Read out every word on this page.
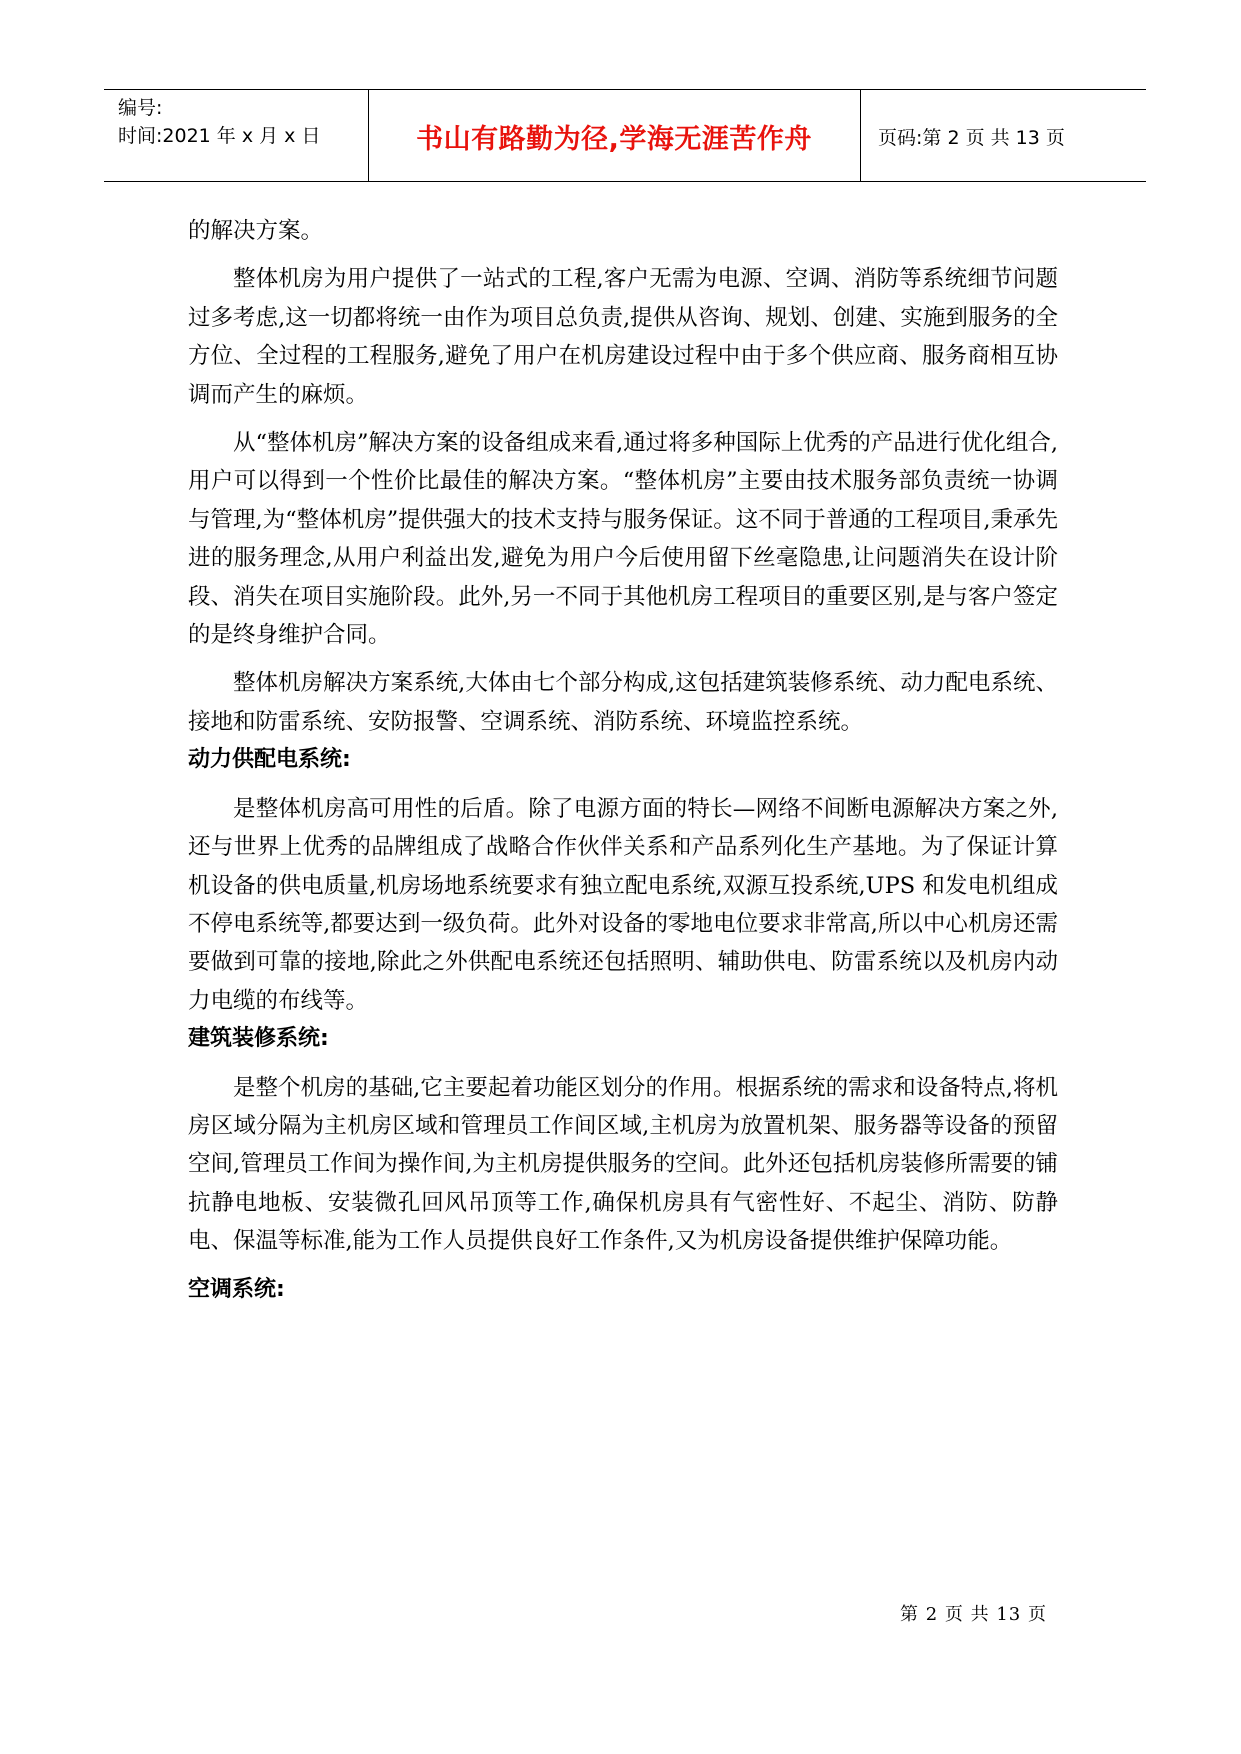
编号:
时间:2021 年 x 月 x 日	书山有路勤为径,学海无涯苦作舟	页码:第 2 页 共 13 页

的解决方案。

整体机房为用户提供了一站式的工程,客户无需为电源、空调、消防等系统细节问题过多考虑,这一切都将统一由作为项目总负责,提供从咨询、规划、创建、实施到服务的全方位、全过程的工程服务,避免了用户在机房建设过程中由于多个供应商、服务商相互协调而产生的麻烦。

从“整体机房”解决方案的设备组成来看,通过将多种国际上优秀的产品进行优化组合,用户可以得到一个性价比最佳的解决方案。“整体机房”主要由技术服务部负责统一协调与管理,为“整体机房”提供强大的技术支持与服务保证。这不同于普通的工程项目,秉承先进的服务理念,从用户利益出发,避免为用户今后使用留下丝毫隐患,让问题消失在设计阶段、消失在项目实施阶段。此外,另一不同于其他机房工程项目的重要区别,是与客户签定的是终身维护合同。

整体机房解决方案系统,大体由七个部分构成,这包括建筑装修系统、动力配电系统、接地和防雷系统、安防报警、空调系统、消防系统、环境监控系统。

动力供配电系统:

是整体机房高可用性的后盾。除了电源方面的特长—网络不间断电源解决方案之外,还与世界上优秀的品牌组成了战略合作伙伴关系和产品系列化生产基地。为了保证计算机设备的供电质量,机房场地系统要求有独立配电系统,双源互投系统,UPS 和发电机组成不停电系统等,都要达到一级负荷。此外对设备的零地电位要求非常高,所以中心机房还需要做到可靠的接地,除此之外供配电系统还包括照明、辅助供电、防雷系统以及机房内动力电缆的布线等。

建筑装修系统:

是整个机房的基础,它主要起着功能区划分的作用。根据系统的需求和设备特点,将机房区域分隔为主机房区域和管理员工作间区域,主机房为放置机架、服务器等设备的预留空间,管理员工作间为操作间,为主机房提供服务的空间。此外还包括机房装修所需要的铺抗静电地板、安装微孔回风吊顶等工作,确保机房具有气密性好、不起尘、消防、防静电、保温等标准,能为工作人员提供良好工作条件,又为机房设备提供维护保障功能。

空调系统:
第 2 页 共 13 页
